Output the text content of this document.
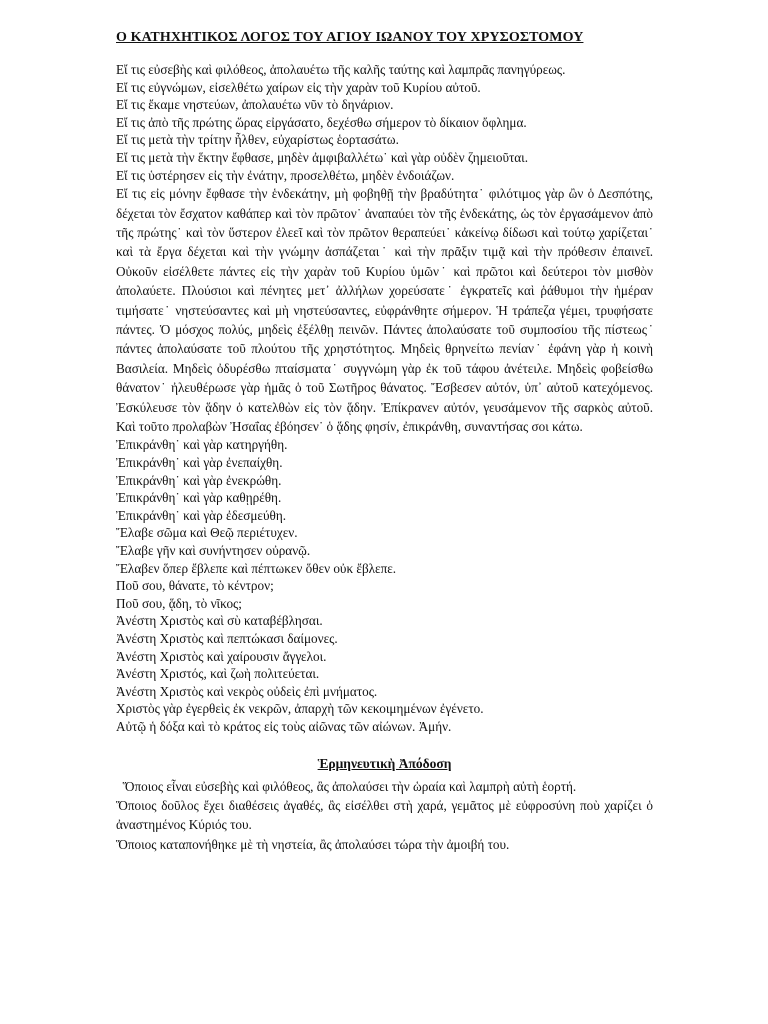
Ο ΚΑΤΗΧΗΤΙΚΟΣ ΛΟΓΟΣ ΤΟΥ ΑΓΙΟΥ ΙΩΑΝΟΥ ΤΟΥ ΧΡΥΣΟΣΤΟΜΟΥ

Εἴ τις εὐσεβὴς καὶ φιλόθεος, ἀπολαυέτω τῆς καλῆς ταύτης καὶ λαμπρᾶς πανηγύρεως.

Εἴ τις εὐγνώμων, εἰσελθέτω χαίρων εἰς τὴν χαρὰν τοῦ Κυρίου αὐτοῦ.

Εἴ τις ἔκαμε νηστεύων, ἀπολαυέτω νῦν τὸ δηνάριον.

Εἴ τις ἀπὸ τῆς πρώτης ὥρας εἰργάσατο, δεχέσθω σήμερον τὸ δίκαιον ὄφλημα.

Εἴ τις μετὰ τὴν τρίτην ἦλθεν, εὐχαρίστως ἑορτασάτω.

Εἴ τις μετὰ τὴν ἕκτην ἔφθασε, μηδὲν ἀμφιβαλλέτω˙ καὶ γὰρ οὐδὲν ζημειοῦται.

Εἴ τις ὑστέρησεν εἰς τὴν ἐνάτην, προσελθέτω, μηδὲν ἐνδοιάζων.

Εἴ τις εἰς μόνην ἔφθασε τὴν ἑνδεκάτην, μὴ φοβηθῇ τὴν βραδύτητα˙ φιλότιμος γὰρ ὢν ὁ Δεσπότης, δέχεται τὸν ἔσχατον καθάπερ καὶ τὸν πρῶτον˙ ἀναπαύει τὸν τῆς ἑνδεκάτης, ὡς τὸν ἐργασάμενον ἀπὸ τῆς πρώτης˙ καὶ τὸν ὕστερον ἐλεεῖ καὶ τὸν πρῶτον θεραπεύει˙ κἀκείνῳ δίδωσι καὶ τούτῳ χαρίζεται˙ καὶ τὰ ἔργα δέχεται καὶ τὴν γνώμην ἀσπάζεται˙ καὶ τὴν πρᾶξιν τιμᾷ καὶ τὴν πρόθεσιν ἐπαινεῖ. Οὐκοῦν εἰσέλθετε πάντες εἰς τὴν χαρὰν τοῦ Κυρίου ὑμῶν˙ καὶ πρῶτοι καὶ δεύτεροι τὸν μισθὸν ἀπολαύετε. Πλούσιοι καὶ πένητες μετ᾽ ἀλλήλων χορεύσατε˙ ἐγκρατεῖς καὶ ῥάθυμοι τὴν ἡμέραν τιμήσατε˙ νηστεύσαντες καὶ μὴ νηστεύσαντες, εὐφράνθητε σήμερον. Ἡ τράπεζα γέμει, τρυφήσατε πάντες. Ὁ μόσχος πολύς, μηδεὶς ἐξέλθῃ πεινῶν. Πάντες ἀπολαύσατε τοῦ συμποσίου τῆς πίστεως˙ πάντες ἀπολαύσατε τοῦ πλούτου τῆς χρηστότητος. Μηδεὶς θρηνείτω πενίαν˙ ἐφάνη γὰρ ἡ κοινὴ Βασιλεία. Μηδεὶς ὀδυρέσθω πταίσματα˙ συγγνώμη γὰρ ἐκ τοῦ τάφου ἀνέτειλε. Μηδεὶς φοβείσθω θάνατον˙ ἠλευθέρωσε γὰρ ἡμᾶς ὁ τοῦ Σωτῆρος θάνατος. Ἔσβεσεν αὐτόν, ὑπ᾽ αὐτοῦ κατεχόμενος. Ἐσκύλευσε τὸν ᾅδην ὁ κατελθὼν εἰς τὸν ᾅδην. Ἐπίκρανεν αὐτόν, γευσάμενον τῆς σαρκὸς αὐτοῦ. Καὶ τοῦτο προλαβὼν Ἠσαΐας ἐβόησεν˙ ὁ ᾅδης φησίν, ἐπικράνθη, συναντήσας σοι κάτω.

Ἐπικράνθη˙ καὶ γὰρ κατηργήθη.

Ἐπικράνθη˙ καὶ γὰρ ἐνεπαίχθη.

Ἐπικράνθη˙ καὶ γὰρ ἐνεκρώθη.

Ἐπικράνθη˙ καὶ γὰρ καθῃρέθη.

Ἐπικράνθη˙ καὶ γὰρ ἐδεσμεύθη.

Ἔλαβε σῶμα καὶ Θεῷ περιέτυχεν.

Ἔλαβε γῆν καὶ συνήντησεν οὐρανῷ.

Ἔλαβεν ὅπερ ἔβλεπε καὶ πέπτωκεν ὅθεν οὐκ ἔβλεπε.

Ποῦ σου, θάνατε, τὸ κέντρον;

Ποῦ σου, ᾅδη, τὸ νῖκος;

Ἀνέστη Χριστὸς καὶ σὺ καταβέβλησαι.

Ἀνέστη Χριστὸς καὶ πεπτώκασι δαίμονες.

Ἀνέστη Χριστὸς καὶ χαίρουσιν ἄγγελοι.

Ἀνέστη Χριστός, καὶ ζωὴ πολιτεύεται.

Ἀνέστη Χριστὸς καὶ νεκρὸς οὐδεὶς ἐπὶ μνήματος.

Χριστὸς γὰρ ἐγερθεὶς ἐκ νεκρῶν, ἀπαρχὴ τῶν κεκοιμημένων ἐγένετο.

Αὐτῷ ἡ δόξα καὶ τὸ κράτος εἰς τοὺς αἰῶνας τῶν αἰώνων. Ἀμήν.

Ἑρμηνευτικὴ Ἀπόδοση

Ὅποιος εἶναι εὐσεβὴς καὶ φιλόθεος, ἂς ἀπολαύσει τὴν ὡραία καὶ λαμπρὴ αὐτὴ ἑορτή.

Ὅποιος δοῦλος ἔχει διαθέσεις ἀγαθές, ἂς εἰσέλθει στὴ χαρά, γεμᾶτος μὲ εὐφροσύνη ποὺ χαρίζει ὁ ἀναστημένος Κύριός του.

Ὅποιος καταπονήθηκε μὲ τὴ νηστεία, ἂς ἀπολαύσει τώρα τὴν ἀμοιβή του.
